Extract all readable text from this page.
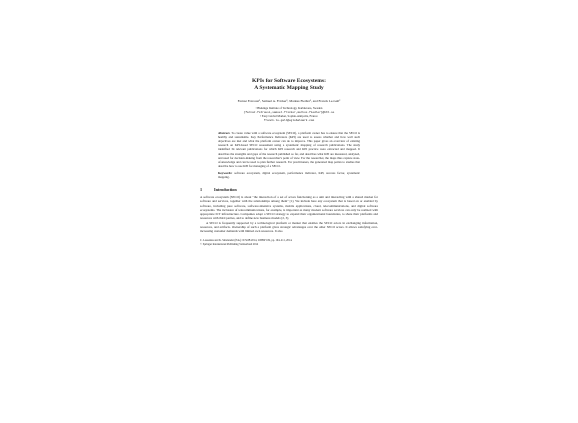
KPIs for Software Ecosystems:
A Systematic Mapping Study
Farnaz Fotrousi¹, Samuel A. Fricker¹, Markus Fiedler¹, and Franck Le-Gall²
¹ Blekinge Institute of Technology, Karlskrona, Sweden
{farnaz.fotrousi,samuel.fricker,markus.fiedler}@bth.se
² Easy Global Market, Sophia-Antipolis, France
franck.le-gall@eglobalmark.com
Abstract. To create value with a software ecosystem (SECO), a platform owner has to ensure that the SECO is healthy and sustainable. Key Performance Indicators (KPI) are used to assess whether and how well such objectives are met and what the platform owner can do to improve. This paper gives an overview of existing research on KPI-based SECO assessment using a systematic mapping of research publications. The study identified 34 relevant publications for which KPI research and KPI practice were extracted and mapped. It describes the strengths and gaps of the research published so far, and describes what KPI are measured, analyzed, and used for decision-making from the researcher's point of view. For the researcher, the maps thus capture state-of-knowledge and can be used to plan further research. For practitioners, the generated map points to studies that describe how to use KPI for managing of a SECO.
Keywords: software ecosystem, digital ecosystem, performance indicator, KPI, success factor, systematic mapping.
1	Introduction
A software ecosystem (SECO) is about "the interaction of a set of actors functioning as a unit and interacting with a shared market for software and services, together with the relationships among them" [1]. We include here any ecosystem that is based on or enabled by software, including pure software, software-intensive systems, mobile applications, cloud, telecommunications, and digital software ecosystems. The inclusion of telecommunications, for example, is important as many modern software services can only be realized with appropriate ICT infrastructure. Companies adopt a SECO strategy to expand their organizational boundaries, to share their platforms and resources with third parties, and to define new business models [2, 3].
A SECO is frequently supported by a technological platform or market that enables the SECO actors in exchanging information, resources, and artifacts. Ownership of such a platform gives strategic advantages over the other SECO actors. It allows satisfying ever-increasing customer demands with limited own resources. It also
C. Lassenius and K. Smolander (Eds.): ICSOB 2014, LNBIP 182, pp. 194–211, 2014.
© Springer International Publishing Switzerland 2014
